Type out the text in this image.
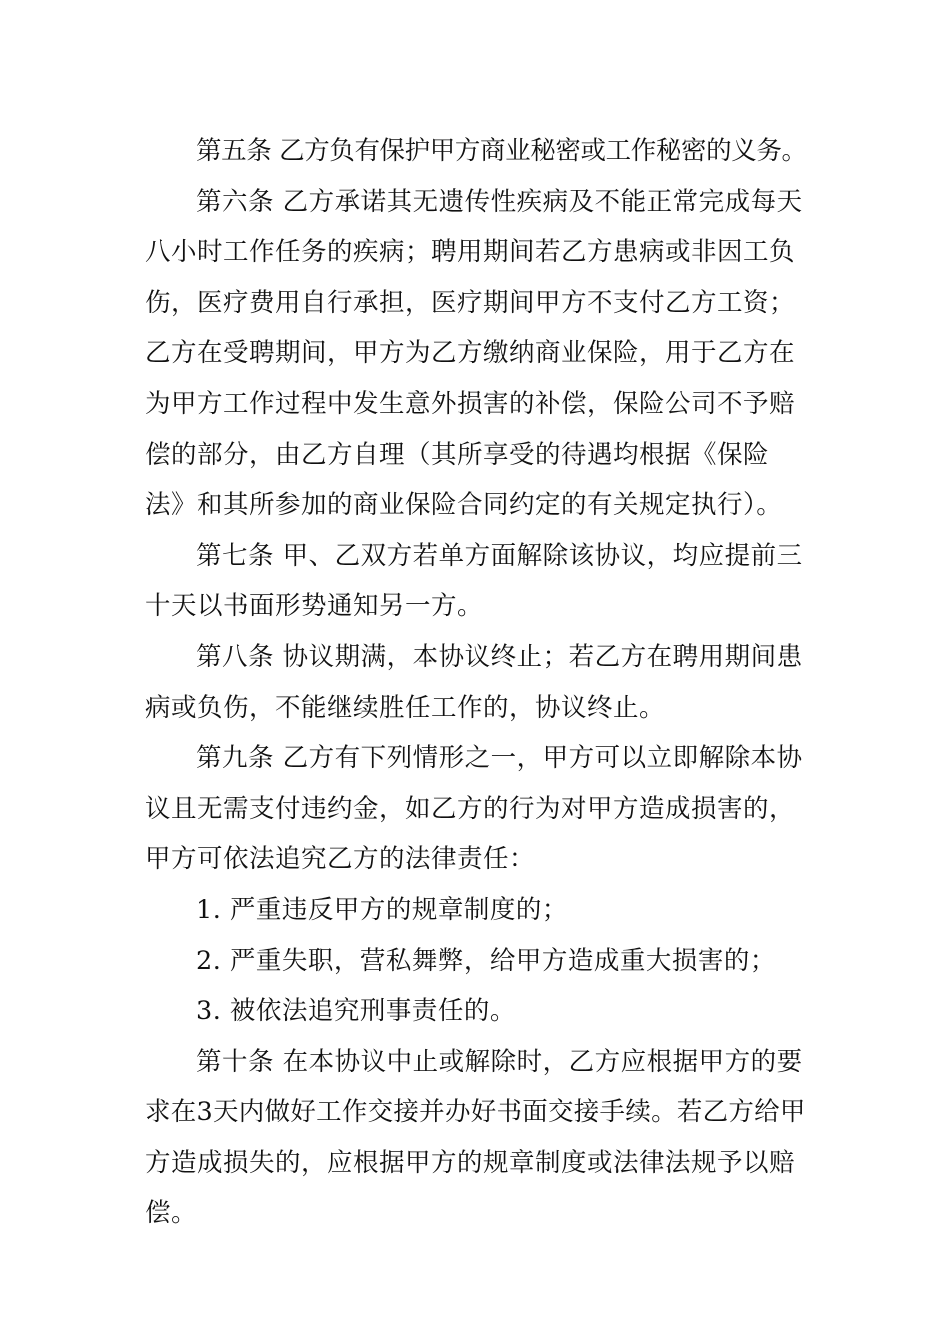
第五条 乙方负有保护甲方商业秘密或工作秘密的义务。
第六条 乙方承诺其无遗传性疾病及不能正常完成每天
八小时工作任务的疾病；聘用期间若乙方患病或非因工负
伤，医疗费用自行承担，医疗期间甲方不支付乙方工资；
乙方在受聘期间，甲方为乙方缴纳商业保险，用于乙方在
为甲方工作过程中发生意外损害的补偿，保险公司不予赔
偿的部分，由乙方自理（其所享受的待遇均根据《保险
法》和其所参加的商业保险合同约定的有关规定执行）。
第七条 甲、乙双方若单方面解除该协议，均应提前三
十天以书面形势通知另一方。
第八条 协议期满，本协议终止；若乙方在聘用期间患
病或负伤，不能继续胜任工作的，协议终止。
第九条 乙方有下列情形之一，甲方可以立即解除本协
议且无需支付违约金，如乙方的行为对甲方造成损害的，
甲方可依法追究乙方的法律责任：
1. 严重违反甲方的规章制度的；
2. 严重失职，营私舞弊，给甲方造成重大损害的；
3. 被依法追究刑事责任的。
第十条 在本协议中止或解除时，乙方应根据甲方的要
求在3天内做好工作交接并办好书面交接手续。若乙方给甲
方造成损失的，应根据甲方的规章制度或法律法规予以赔
偿。
